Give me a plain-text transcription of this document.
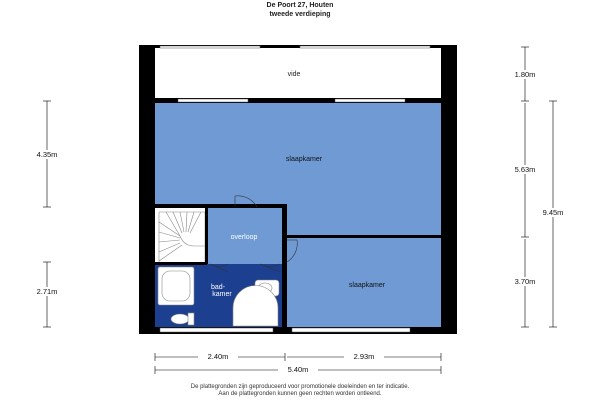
De Poort 27, Houten
tweede verdieping
vide
slaapkamer
overloop
bad-
kamer
slaapkamer
1.80m
5.63m
3.70m
9.45m
4.35m
2.71m
2.40m	2.93m
5.40m
De plattegronden zijn geproduceerd voor promotionele doeleinden en ter indicatie.
Aan de plattegronden kunnen geen rechten worden ontleend.
